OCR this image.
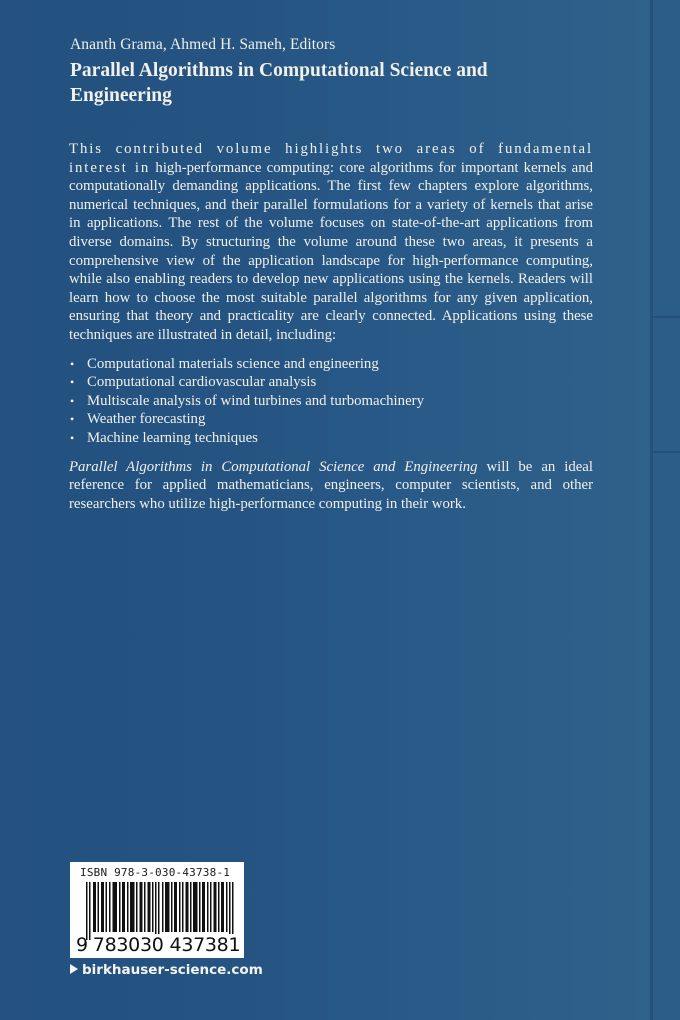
Ananth Grama, Ahmed H. Sameh, Editors
Parallel Algorithms in Computational Science and Engineering

This contributed volume highlights two areas of fundamental interest in high-performance computing: core algorithms for important kernels and computationally demanding applications. The first few chapters explore algorithms, numerical techniques, and their parallel formulations for a variety of kernels that arise in applications. The rest of the volume focuses on state-of-the-art applications from diverse domains. By structuring the volume around these two areas, it presents a comprehensive view of the application landscape for high-performance computing, while also enabling readers to develop new applications using the kernels. Readers will learn how to choose the most suitable parallel algorithms for any given application, ensuring that theory and practicality are clearly connected. Applications using these techniques are illustrated in detail, including:

• Computational materials science and engineering
• Computational cardiovascular analysis
• Multiscale analysis of wind turbines and turbomachinery
• Weather forecasting
• Machine learning techniques

Parallel Algorithms in Computational Science and Engineering will be an ideal reference for applied mathematicians, engineers, computer scientists, and other researchers who utilize high-performance computing in their work.

ISBN 978-3-030-43738-1
9 783030 437381
birkhauser-science.com
